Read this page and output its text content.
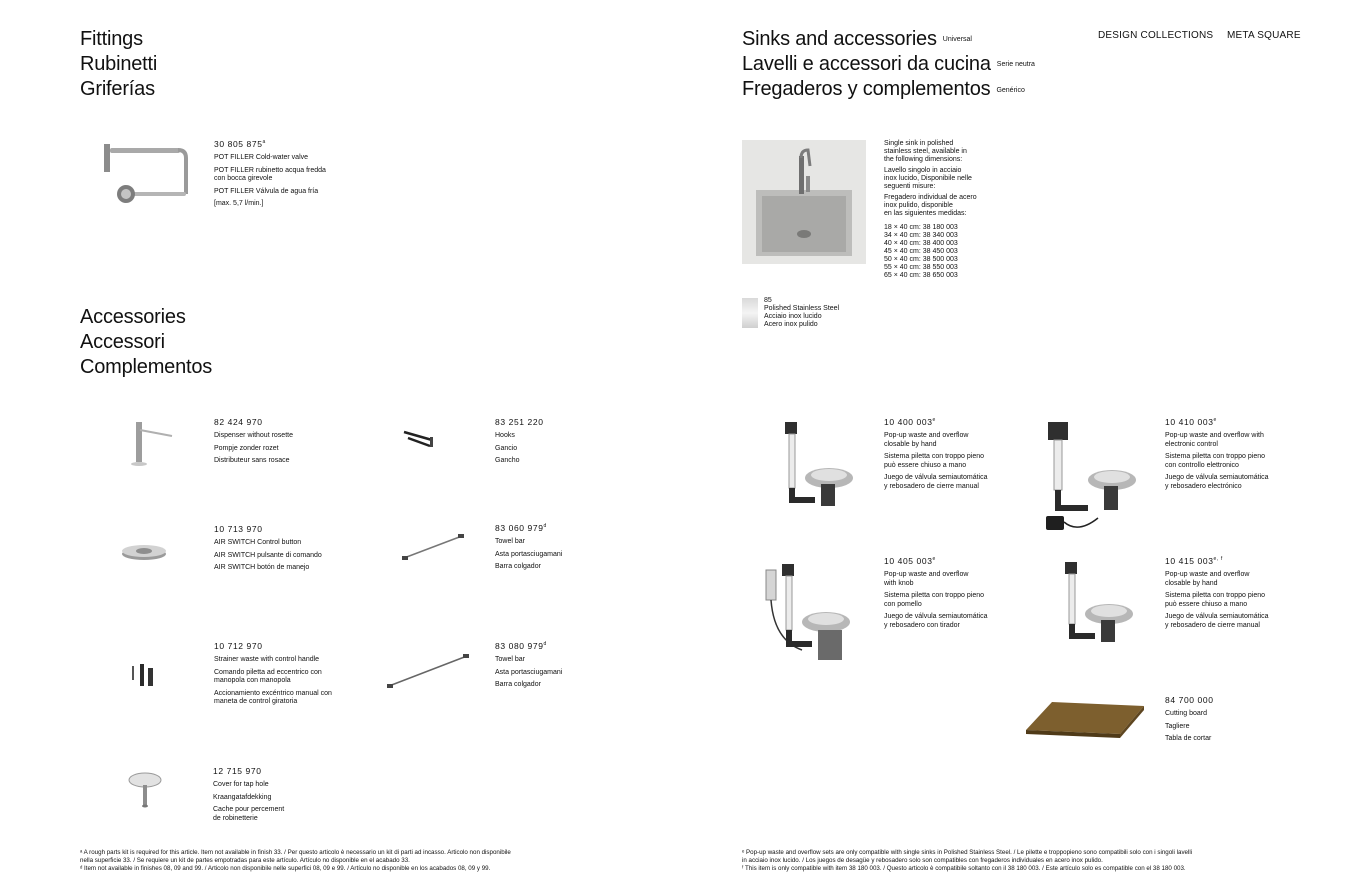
Fittings
Rubinetti
Griferías
30 805 875$^a$
POT FILLER Cold-water valve
POT FILLER rubinetto acqua fredda
con bocca girevole
POT FILLER Válvula de agua fría
[max. 5,7 l/min.]
Accessories
Accessori
Complementos
82 424 970
Dispenser without rosette
Pompje zonder rozet
Distributeur sans rosace
10 713 970
AIR SWITCH Control button
AIR SWITCH pulsante di comando
AIR SWITCH botón de manejo
10 712 970
Strainer waste with control handle
Comando piletta ad eccentrico con
manopola con manopola
Accionamiento excéntrico manual con
maneta de control giratoria
12 715 970
Cover for tap hole
Kraangatafdekking
Cache pour percement
de robinetterie
83 251 220
Hooks
Gancio
Gancho
83 060 979$^d$
Towel bar
Asta portasciugamani
Barra colgador
83 080 979$^d$
Towel bar
Asta portasciugamani
Barra colgador
ᵃ A rough parts kit is required for this article. Item not available in finish 33. / Per questo articolo è necessario un kit di parti ad incasso. Articolo non disponibile
nella superficie 33. / Se requiere un kit de partes empotradas para este artículo. Artículo no disponible en el acabado 33.
ᵈ Item not available in finishes 08, 09 and 99. / Articolo non disponibile nelle superfici 08, 09 e 99. / Artículo no disponible en los acabados 08, 09 y 99.
DESIGN COLLECTIONS META SQUARE
Sinks and accessories Universal
Lavelli e accessori da cucina Serie neutra
Fregaderos y complementos Genérico
Single sink in polished
stainless steel, available in
the following dimensions:
Lavello singolo in acciaio
inox lucido, Disponibile nelle
seguenti misure:
Fregadero individual de acero
inox pulido, disponible
en las siguientes medidas:
18 × 40 cm: 38 180 003
34 × 40 cm: 38 340 003
40 × 40 cm: 38 400 003
45 × 40 cm: 38 450 003
50 × 40 cm: 38 500 003
55 × 40 cm: 38 550 003
65 × 40 cm: 38 650 003
85
Polished Stainless Steel
Acciaio inox lucido
Acero inox pulido
10 400 003e
Pop-up waste and overflow
closable by hand
Sistema piletta con troppo pieno
può essere chiuso a mano
Juego de válvula semiautomática
y rebosadero de cierre manual
10 410 003e
Pop-up waste and overflow with
electronic control
Sistema piletta con troppo pieno
con controllo elettronico
Juego de válvula semiautomática
y rebosadero electrónico
10 405 003e
Pop-up waste and overflow
with knob
Sistema piletta con troppo pieno
con pomello
Juego de válvula semiautomática
y rebosadero con tirador
10 415 003$^{e, f}$
Pop-up waste and overflow
closable by hand
Sistema piletta con troppo pieno
può essere chiuso a mano
Juego de válvula semiautomática
y rebosadero de cierre manual
84 700 000
Cutting board
Tagliere
Tabla de cortar
ᵉ Pop-up waste and overflow sets are only compatible with single sinks in Polished Stainless Steel. / Le pilette e troppopieno sono compatibili solo con i singoli lavelli
in acciaio inox lucido. / Los juegos de desagüe y rebosadero solo son compatibles con fregaderos individuales en acero inox pulido.
ᶠ This item is only compatible with item 38 180 003. / Questo articolo è compatibile soltanto con il 38 180 003. / Este artículo solo es compatible con el 38 180 003.
